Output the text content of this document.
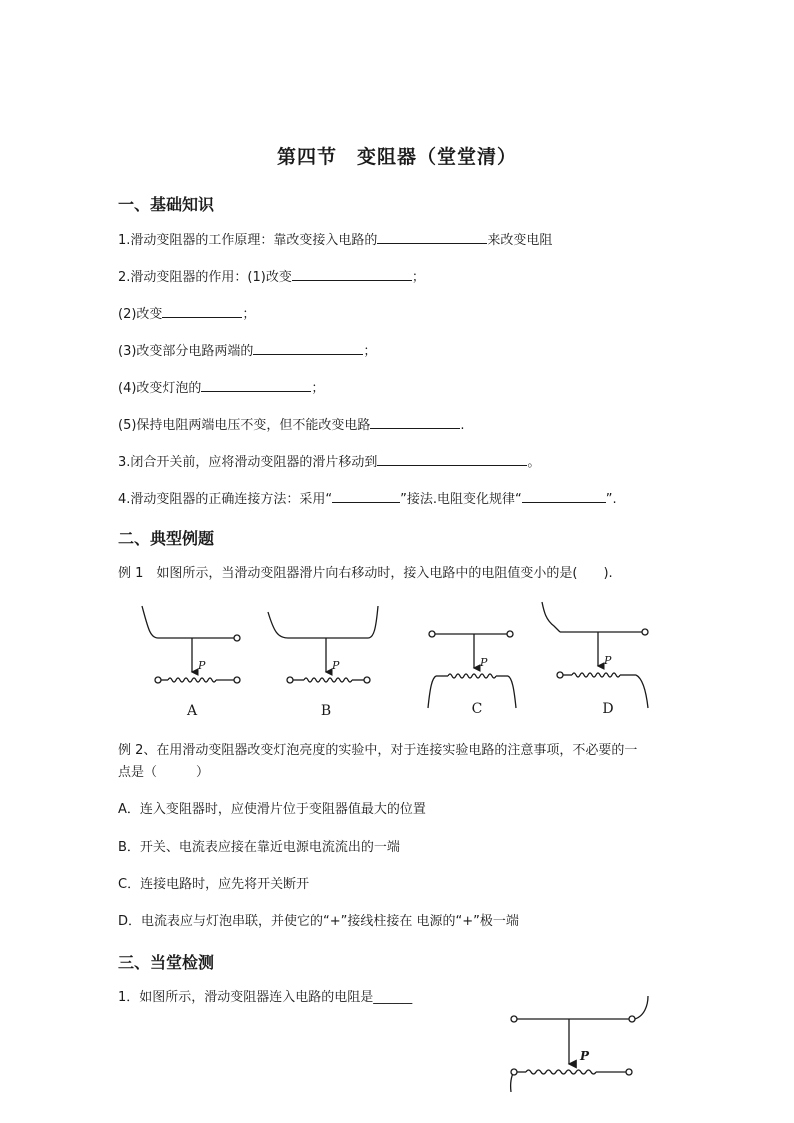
第四节　变阻器（堂堂清）
一、基础知识
1.滑动变阻器的工作原理：靠改变接入电路的	来改变电阻
2.滑动变阻器的作用：(1)改变	；
(2)改变	；
(3)改变部分电路两端的	；
(4)改变灯泡的	；
(5)保持电阻两端电压不变，但不能改变电路	.
3.闭合开关前，应将滑动变阻器的滑片移动到	。
4.滑动变阻器的正确连接方法：采用“	”接法.电阻变化规律“	”.
二、典型例题
例 1　如图所示，当滑动变阻器滑片向右移动时，接入电路中的电阻值变小的是(　　).
P
A
P
B
P
C
P
D
例 2、在用滑动变阻器改变灯泡亮度的实验中，对于连接实验电路的注意事项，不必要的一
点是（　　　）
A．连入变阻器时，应使滑片位于变阻器值最大的位置
B．开关、电流表应接在靠近电源电流流出的一端
C．连接电路时，应先将开关断开
D．电流表应与灯泡串联，并使它的“+”接线柱接在 电源的“+”极一端
三、当堂检测
1．如图所示，滑动变阻器连入电路的电阻是______
P
